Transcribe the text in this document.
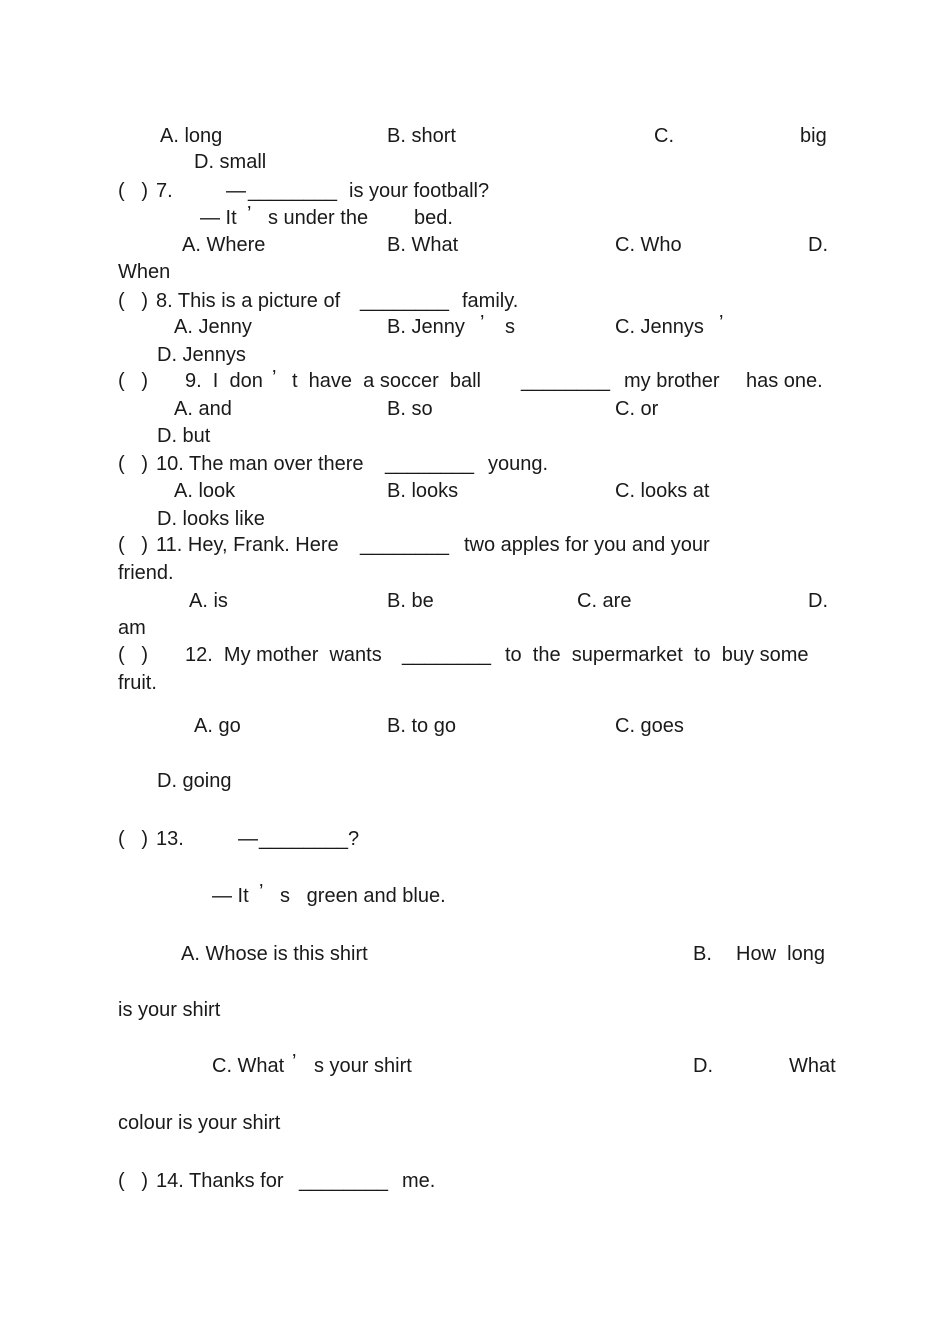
A. long	B. short	C.	big
D. small
(   ) 7.	— ________ is your football?
— It ’ s under the bed.
A. Where	B. What	C. Who	D.
When
(   ) 8. This is a picture of ________ family.
A. Jenny	B. Jenny ’ s	C. Jennys ’
D. Jennys
(   ) 9.  I  don ’ t  have  a soccer  ball ________ my brother has one.
A. and	B. so	C. or
D. but
(   ) 10. The man over there ________ young.
A. look	B. looks	C. looks at
D. looks like
(   ) 11. Hey, Frank. Here ________ two apples for you and your
friend.
A. is	B. be	C. are	D.
am
(   ) 12.  My mother  wants ________ to  the  supermarket  to  buy some
fruit.
A. go	B. to go	C. goes
D. going
(   ) 13.	— ________?
— It ’ s   green and blue.
A. Whose is this shirt	B. How  long
is your shirt
C. What ’ s your shirt	D.	What
colour is your shirt
(   ) 14. Thanks for ________ me.
